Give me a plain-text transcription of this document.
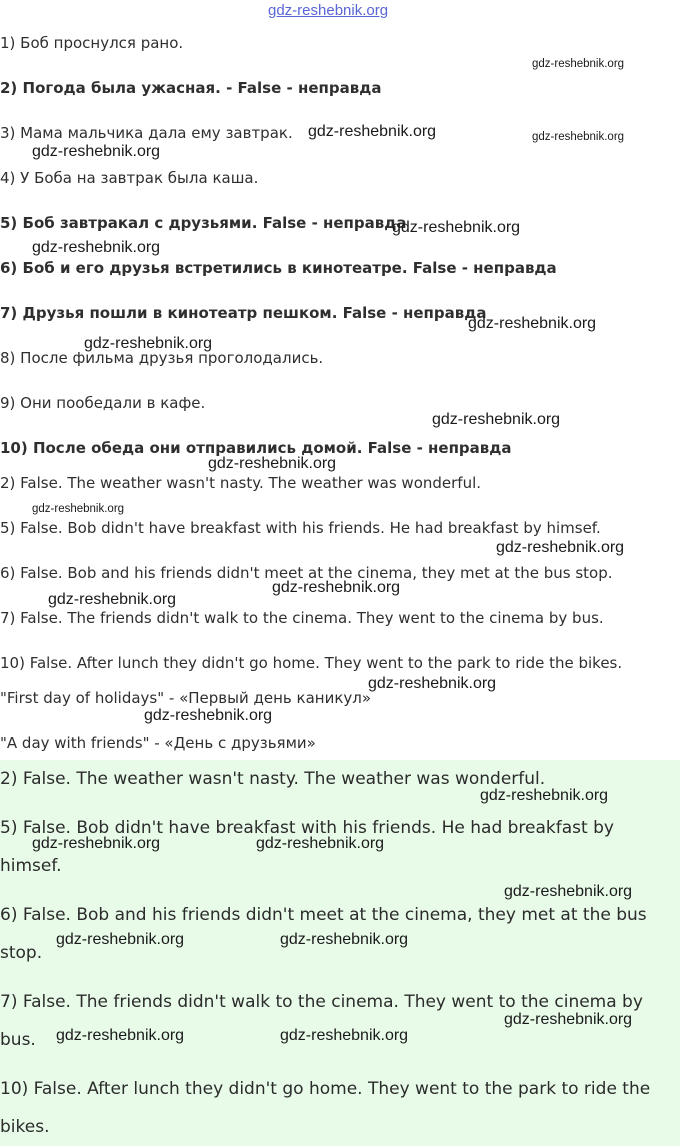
gdz-reshebnik.org
1) Боб проснулся рано.
2) Погода была ужасная. - False - неправда
3) Мама мальчика дала ему завтрак.
4) У Боба на завтрак была каша.
5) Боб завтракал с друзьями. False - неправда
6) Боб и его друзья встретились в кинотеатре. False - неправда
7) Друзья пошли в кинотеатр пешком. False - неправда
8) После фильма друзья проголодались.
9) Они пообедали в кафе.
10) После обеда они отправились домой. False - неправда
2) False. The weather wasn't nasty. The weather was wonderful.
5) False. Bob didn't have breakfast with his friends. He had breakfast by himsef.
6) False. Bob and his friends didn't meet at the cinema, they met at the bus stop.
7) False. The friends didn't walk to the cinema. They went to the cinema by bus.
10) False. After lunch they didn't go home. They went to the park to ride the bikes.
"First day of holidays" - «Первый день каникул»
"A day with friends" - «День с друзьями»
2) False. The weather wasn't nasty. The weather was wonderful.
5) False. Bob didn't have breakfast with his friends. He had breakfast by
himsef.
6) False. Bob and his friends didn't meet at the cinema, they met at the bus
stop.
7) False. The friends didn't walk to the cinema. They went to the cinema by
bus.
10) False. After lunch they didn't go home. They went to the park to ride the
bikes.
gdz-reshebnik.org
gdz-reshebnik.org	gdz-reshebnik.org
gdz-reshebnik.org
gdz-reshebnik.org
gdz-reshebnik.org
gdz-reshebnik.org
gdz-reshebnik.org
gdz-reshebnik.org
gdz-reshebnik.org
gdz-reshebnik.org
gdz-reshebnik.org
gdz-reshebnik.org
gdz-reshebnik.org
gdz-reshebnik.org
gdz-reshebnik.org
gdz-reshebnik.org
gdz-reshebnik.org	gdz-reshebnik.org
gdz-reshebnik.org
gdz-reshebnik.org	gdz-reshebnik.org
gdz-reshebnik.org
gdz-reshebnik.org	gdz-reshebnik.org
